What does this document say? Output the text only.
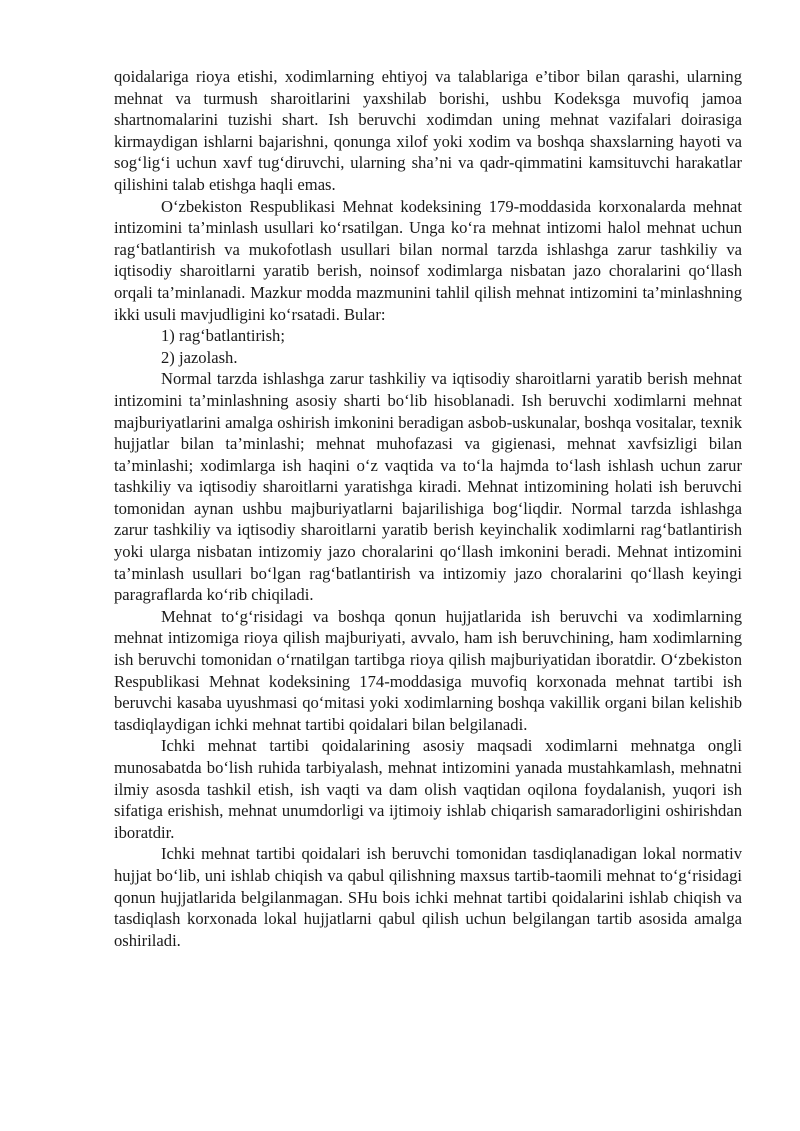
qoidalariga rioya etishi, xodimlarning ehtiyoj va talablariga e’tibor bilan qarashi, ularning mehnat va turmush sharoitlarini yaxshilab borishi, ushbu Kodeksga muvofiq jamoa shartnomalarini tuzishi shart. Ish beruvchi xodimdan uning mehnat vazifalari doirasiga kirmaydigan ishlarni bajarishni, qonunga xilof yoki xodim va boshqa shaxslarning hayoti va sog‘lig‘i uchun xavf tug‘diruvchi, ularning sha’ni va qadr-qimmatini kamsituvchi harakatlar qilishini talab etishga haqli emas.

O‘zbekiston Respublikasi Mehnat kodeksining 179-moddasida korxonalarda mehnat intizomini ta’minlash usullari ko‘rsatilgan. Unga ko‘ra mehnat intizomi halol mehnat uchun rag‘batlantirish va mukofotlash usullari bilan normal tarzda ishlashga zarur tashkiliy va iqtisodiy sharoitlarni yaratib berish, noinsof xodimlarga nisbatan jazo choralarini qo‘llash orqali ta’minlanadi. Mazkur modda mazmunini tahlil qilish mehnat intizomini ta’minlashning ikki usuli mavjudligini ko‘rsatadi. Bular:

1) rag‘batlantirish;

2) jazolash.

Normal tarzda ishlashga zarur tashkiliy va iqtisodiy sharoitlarni yaratib berish mehnat intizomini ta’minlashning asosiy sharti bo‘lib hisoblanadi. Ish beruvchi xodimlarni mehnat majburiyatlarini amalga oshirish imkonini beradigan asbob-uskunalar, boshqa vositalar, texnik hujjatlar bilan ta’minlashi; mehnat muhofazasi va gigienasi, mehnat xavfsizligi bilan ta’minlashi; xodimlarga ish haqini o‘z vaqtida va to‘la hajmda to‘lash ishlash uchun zarur tashkiliy va iqtisodiy sharoitlarni yaratishga kiradi. Mehnat intizomining holati ish beruvchi tomonidan aynan ushbu majburiyatlarni bajarilishiga bog‘liqdir. Normal tarzda ishlashga zarur tashkiliy va iqtisodiy sharoitlarni yaratib berish keyinchalik xodimlarni rag‘batlantirish yoki ularga nisbatan intizomiy jazo choralarini qo‘llash imkonini beradi. Mehnat intizomini ta’minlash usullari bo‘lgan rag‘batlantirish va intizomiy jazo choralarini qo‘llash keyingi paragraflarda ko‘rib chiqiladi.

Mehnat to‘g‘risidagi va boshqa qonun hujjatlarida ish beruvchi va xodimlarning mehnat intizomiga rioya qilish majburiyati, avvalo, ham ish beruvchining, ham xodimlarning ish beruvchi tomonidan o‘rnatilgan tartibga rioya qilish majburiyatidan iboratdir. O‘zbekiston Respublikasi Mehnat kodeksining 174-moddasiga muvofiq korxonada mehnat tartibi ish beruvchi kasaba uyushmasi qo‘mitasi yoki xodimlarning boshqa vakillik organi bilan kelishib tasdiqlaydigan ichki mehnat tartibi qoidalari bilan belgilanadi.

Ichki mehnat tartibi qoidalarining asosiy maqsadi xodimlarni mehnatga ongli munosabatda bo‘lish ruhida tarbiyalash, mehnat intizomini yanada mustahkamlash, mehnatni ilmiy asosda tashkil etish, ish vaqti va dam olish vaqtidan oqilona foydalanish, yuqori ish sifatiga erishish, mehnat unumdorligi va ijtimoiy ishlab chiqarish samaradorligini oshirishdan iboratdir.

Ichki mehnat tartibi qoidalari ish beruvchi tomonidan tasdiqlanadigan lokal normativ hujjat bo‘lib, uni ishlab chiqish va qabul qilishning maxsus tartib-taomili mehnat to‘g‘risidagi qonun hujjatlarida belgilanmagan. SHu bois ichki mehnat tartibi qoidalarini ishlab chiqish va tasdiqlash korxonada lokal hujjatlarni qabul qilish uchun belgilangan tartib asosida amalga oshiriladi.
